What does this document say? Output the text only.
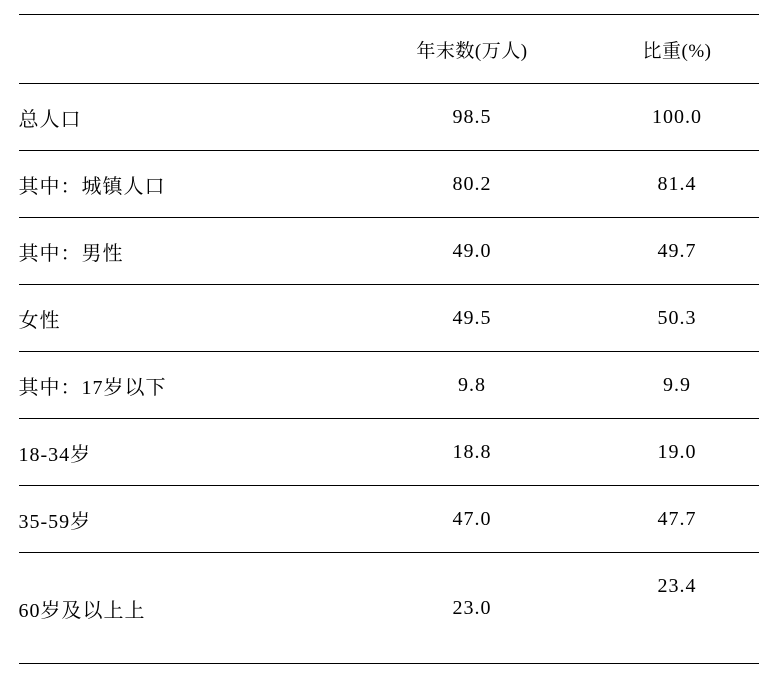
	年末数(万人)	比重(%)
总人口	98.5	100.0
其中：城镇人口	80.2	81.4
其中：男性	49.0	49.7
女性	49.5	50.3
其中：17岁以下	9.8	9.9
18-34岁	18.8	19.0
35-59岁	47.0	47.7
60岁及以上上	23.0	23.4
